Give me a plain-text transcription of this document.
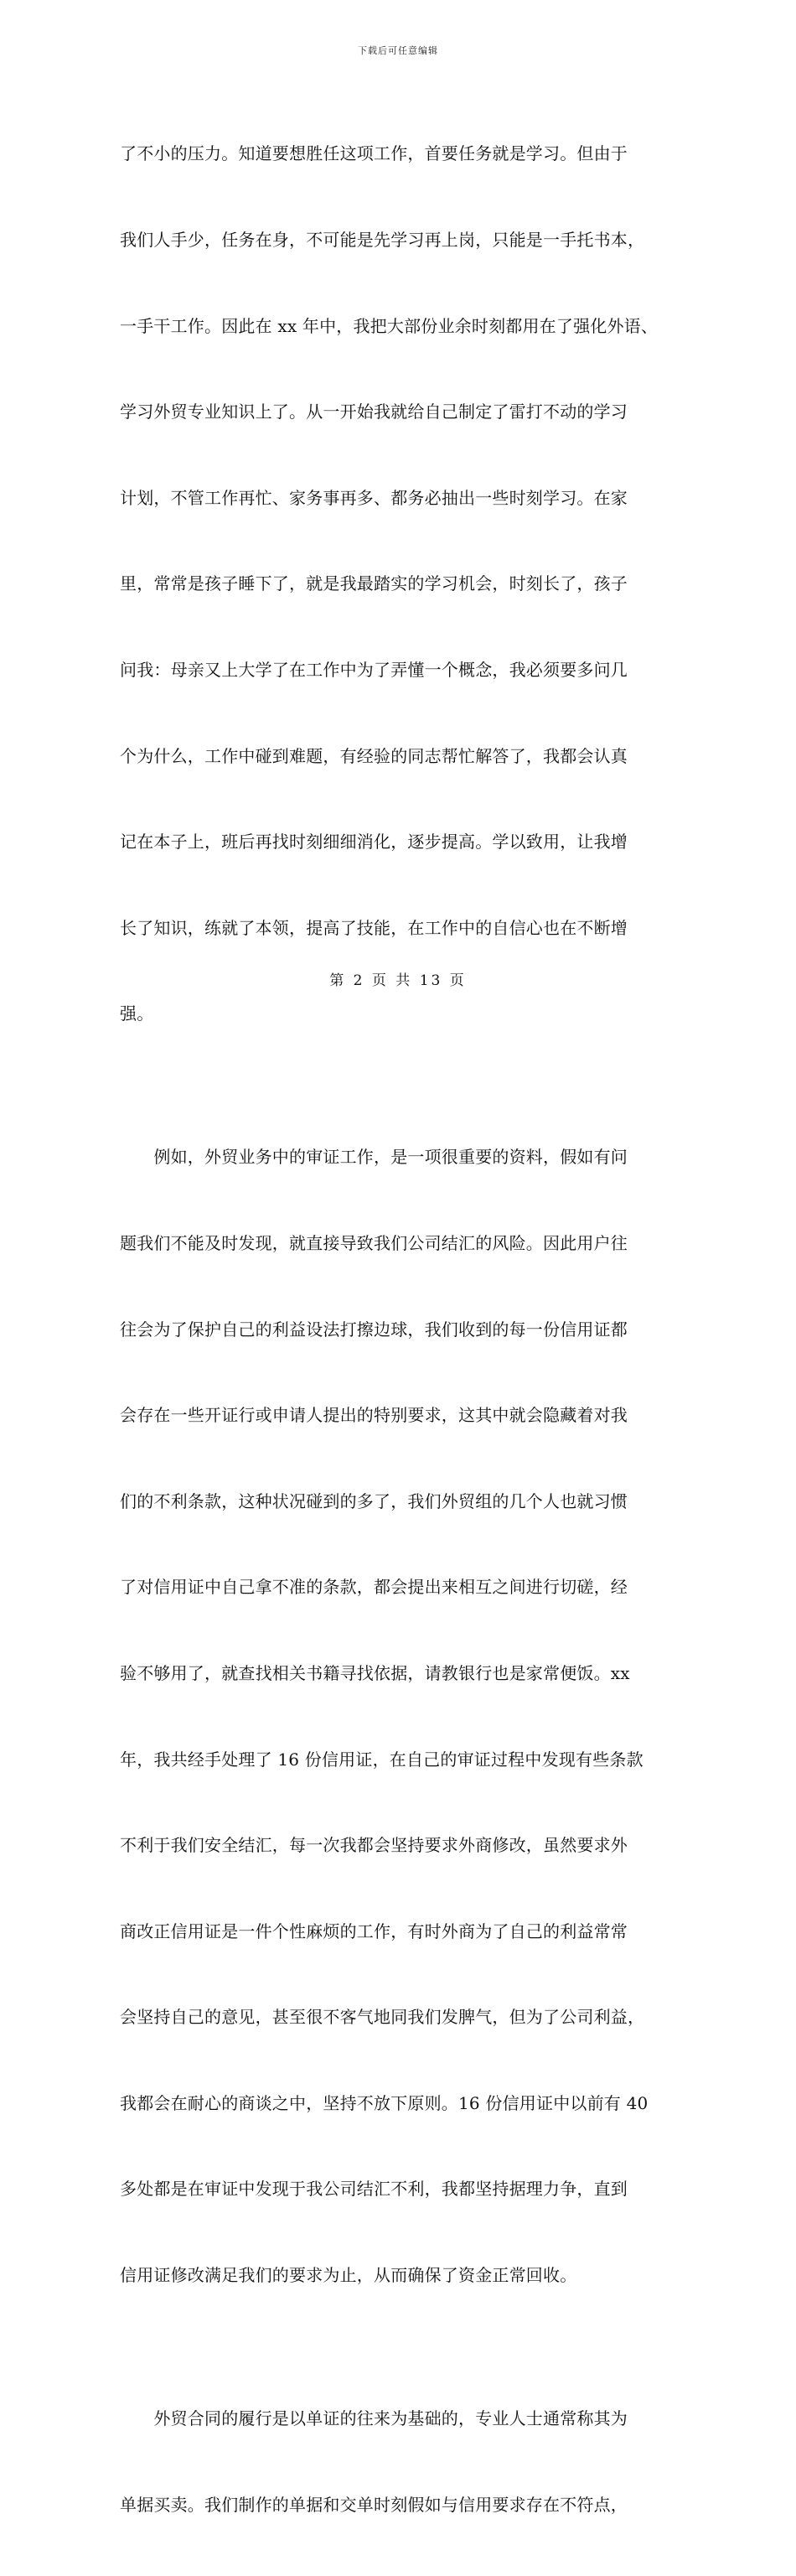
下载后可任意编辑

了不小的压力。知道要想胜任这项工作，首要任务就是学习。但由于

我们人手少，任务在身，不可能是先学习再上岗，只能是一手托书本，

一手干工作。因此在 xx 年中，我把大部份业余时刻都用在了强化外语、

学习外贸专业知识上了。从一开始我就给自己制定了雷打不动的学习

计划，不管工作再忙、家务事再多、都务必抽出一些时刻学习。在家

里，常常是孩子睡下了，就是我最踏实的学习机会，时刻长了，孩子

问我：母亲又上大学了在工作中为了弄懂一个概念，我必须要多问几

个为什么，工作中碰到难题，有经验的同志帮忙解答了，我都会认真

记在本子上，班后再找时刻细细消化，逐步提高。学以致用，让我增

长了知识，练就了本领，提高了技能，在工作中的自信心也在不断增

强。

　　例如，外贸业务中的审证工作，是一项很重要的资料，假如有问

题我们不能及时发现，就直接导致我们公司结汇的风险。因此用户往

往会为了保护自己的利益设法打擦边球，我们收到的每一份信用证都

会存在一些开证行或申请人提出的特别要求，这其中就会隐藏着对我

们的不利条款，这种状况碰到的多了，我们外贸组的几个人也就习惯

了对信用证中自己拿不准的条款，都会提出来相互之间进行切磋，经

验不够用了，就查找相关书籍寻找依据，请教银行也是家常便饭。xx

年，我共经手处理了 16 份信用证，在自己的审证过程中发现有些条款

不利于我们安全结汇，每一次我都会坚持要求外商修改，虽然要求外

商改正信用证是一件个性麻烦的工作，有时外商为了自己的利益常常

会坚持自己的意见，甚至很不客气地同我们发脾气，但为了公司利益，

我都会在耐心的商谈之中，坚持不放下原则。16 份信用证中以前有 40

多处都是在审证中发现于我公司结汇不利，我都坚持据理力争，直到

信用证修改满足我们的要求为止，从而确保了资金正常回收。

　　外贸合同的履行是以单证的往来为基础的，专业人士通常称其为

单据买卖。我们制作的单据和交单时刻假如与信用要求存在不符点，

第 2 页 共 13 页
